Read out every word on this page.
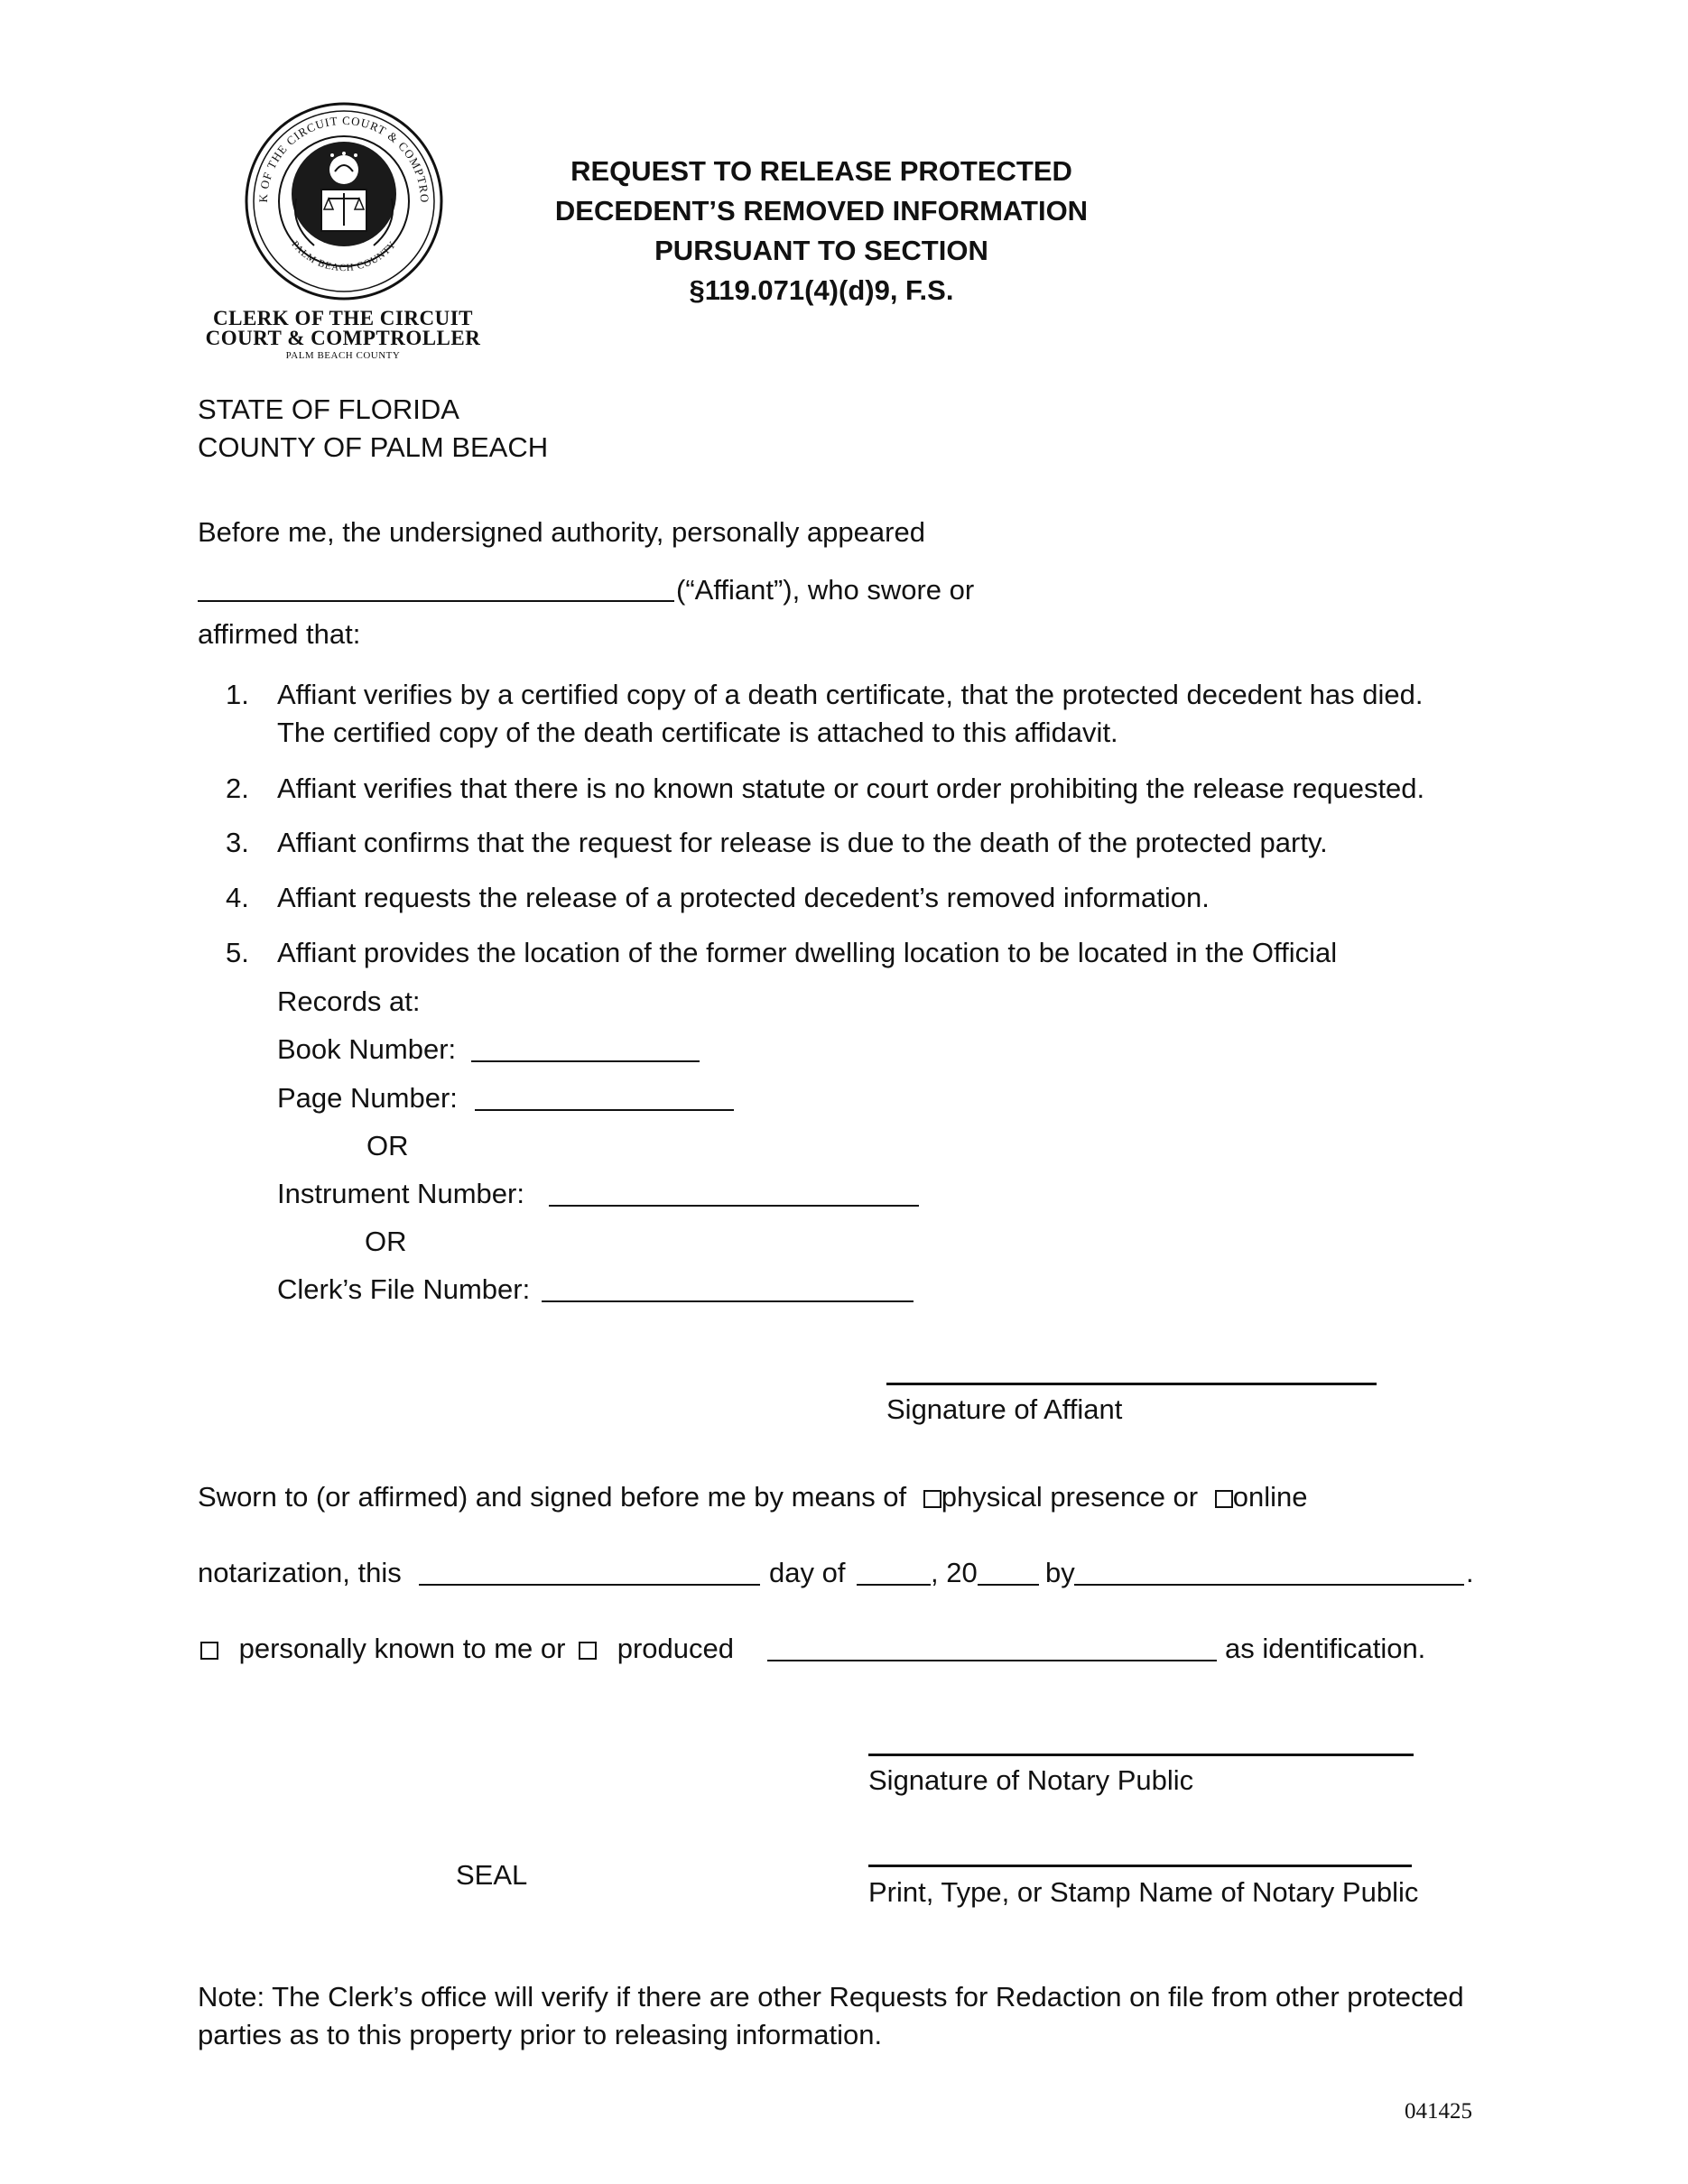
K OF THE CIRCUIT COURT & COMPTRO
PALM BEACH COUNTY
CLERK OF THE CIRCUIT
COURT & COMPTROLLER
PALM BEACH COUNTY
REQUEST TO RELEASE PROTECTED
DECEDENT’S REMOVED INFORMATION
PURSUANT TO SECTION
§119.071(4)(d)9, F.S.
STATE OF FLORIDA
COUNTY OF PALM BEACH
Before me, the undersigned authority, personally appeared
(“Affiant”), who swore or
affirmed that:
1. Affiant verifies by a certified copy of a death certificate, that the protected decedent has died.
The certified copy of the death certificate is attached to this affidavit.
2. Affiant verifies that there is no known statute or court order prohibiting the release requested.
3. Affiant confirms that the request for release is due to the death of the protected party.
4. Affiant requests the release of a protected decedent’s removed information.
5. Affiant provides the location of the former dwelling location to be located in the Official
Records at:
Book Number:
Page Number:
OR
Instrument Number:
OR
Clerk’s File Number:
Signature of Affiant
Sworn to (or affirmed) and signed before me by means of physical presence or online
notarization, this	day of	, 20 by	.
personally known to me or produced	as identification.
Signature of Notary Public
SEAL
Print, Type, or Stamp Name of Notary Public
Note: The Clerk’s office will verify if there are other Requests for Redaction on file from other protected
parties as to this property prior to releasing information.
041425
